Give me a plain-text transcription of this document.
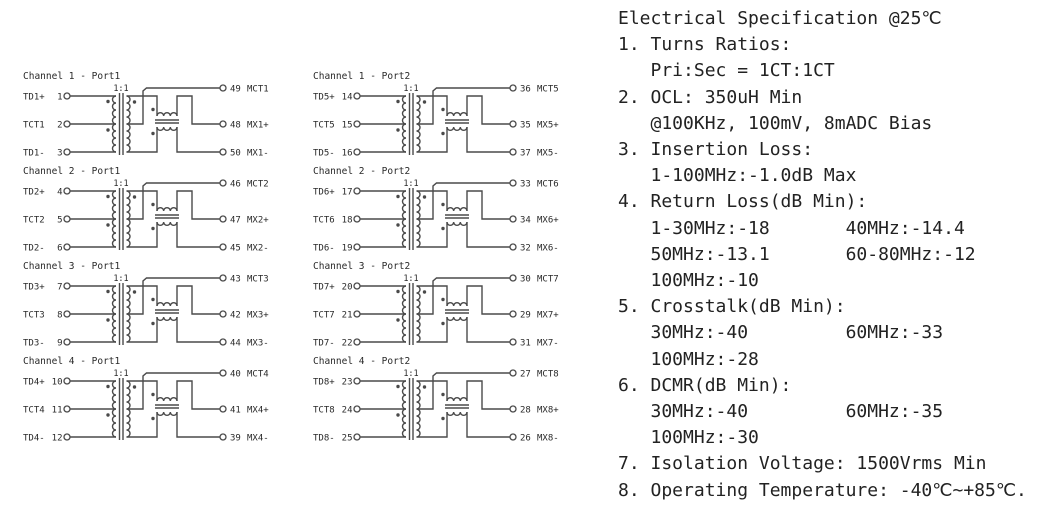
Channel 1 - Port1
1:1
TD1+ 1
TCT1 2
TD1- 3
49 MCT1
48 MX1+
50 MX1-
Channel 2 - Port1
1:1
TD2+ 4
TCT2 5
TD2- 6
46 MCT2
47 MX2+
45 MX2-
Channel 3 - Port1
1:1
TD3+ 7
TCT3 8
TD3- 9
43 MCT3
42 MX3+
44 MX3-
Channel 4 - Port1
1:1
TD4+ 10
TCT4 11
TD4- 12
40 MCT4
41 MX4+
39 MX4-
Channel 1 - Port2
1:1
TD5+ 14
TCT5 15
TD5- 16
36 MCT5
35 MX5+
37 MX5-
Channel 2 - Port2
1:1
TD6+ 17
TCT6 18
TD6- 19
33 MCT6
34 MX6+
32 MX6-
Channel 3 - Port2
1:1
TD7+ 20
TCT7 21
TD7- 22
30 MCT7
29 MX7+
31 MX7-
Channel 4 - Port2
1:1
TD8+ 23
TCT8 24
TD8- 25
27 MCT8
28 MX8+
26 MX8-
Electrical Specification @25℃
1. Turns Ratios:
Pri:Sec = 1CT:1CT
2. OCL: 350uH Min
@100KHz, 100mV, 8mADC Bias
3. Insertion Loss:
1-100MHz:-1.0dB Max
4. Return Loss(dB Min):
1-30MHz:-18       40MHz:-14.4
50MHz:-13.1       60-80MHz:-12
100MHz:-10
5. Crosstalk(dB Min):
30MHz:-40         60MHz:-33
100MHz:-28
6. DCMR(dB Min):
30MHz:-40         60MHz:-35
100MHz:-30
7. Isolation Voltage: 1500Vrms Min
8. Operating Temperature: -40℃~+85℃.
